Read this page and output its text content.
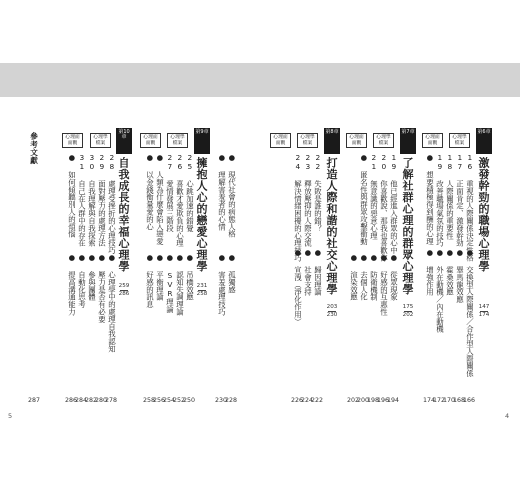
參考文獻
287
第10章
自我成長的幸福心理學
259
286
心理面面觀
心理學檔案
28 處理受挫折的心理技巧
29 面對壓力的處理方法
30 自我理解與自我探索
31 自己在人群中的存在
● 如何傾聽別人的煩惱
● 心理學中的處理自我認知
● 壓力是否有必要
● 參與團體
● 自動化思考
● 提高溝通能力
278
280
282
284
286
第9章
擁抱人心的戀愛心理學
231
258
心理面面觀
心理學檔案
● 現代社會的病態人格
● 理解害羞者的心情
● 孤獨感
● 害羞處理技巧
228
230
25 心跳加速的錯覺
26 喜歡才愛欺負的心理
27 愛情發展三階段
● 人類為什麼會陷入戀愛
● 以金錢衡量愛的心
● 吊橋效應
● 認知失調理論
● SVR理論
● 平衡理論
● 好感的訊息
250
252
254
256
258
5
第6章
激發幹勁的職場心理學
147
174
心理面面觀
心理學檔案
16 重視的人際關係決定性格
17 正面肯定、激發幹勁
18 人際關係的重要性
19 改善職場氣氛的技巧
● 想要積極得到酬的心理
● 交換型人際關係／合作型人際關係
● 畢馬龍效應
● 霍桑效應
● 外在動機／內在動機
● 增強作用
166
168
170
172
174
第7章
了解社群心理的群眾心理學
175
202
心理面面觀
心理學檔案
19 他已經進入群眾的心中
20 你喜歡說、那我也喜歡你
21 無意識的惡意心理
● 匿名性與群眾攻擊衝動
● 從眾現象
● 好感的互惠性
● 防衛機制
● 去個人化
● 渲染效應
194
196
198
200
202
第8章
打造人際和諧的社交心理學
203
230
心理面面觀
心理學檔案
22 失敗是誰的錯？
23 釋放壓抑的人際交流
24 解決情緒困擾的心理技巧
● 歸因理論
● 社會支持
● 宣洩（淨化作用）
222
224
226
4
